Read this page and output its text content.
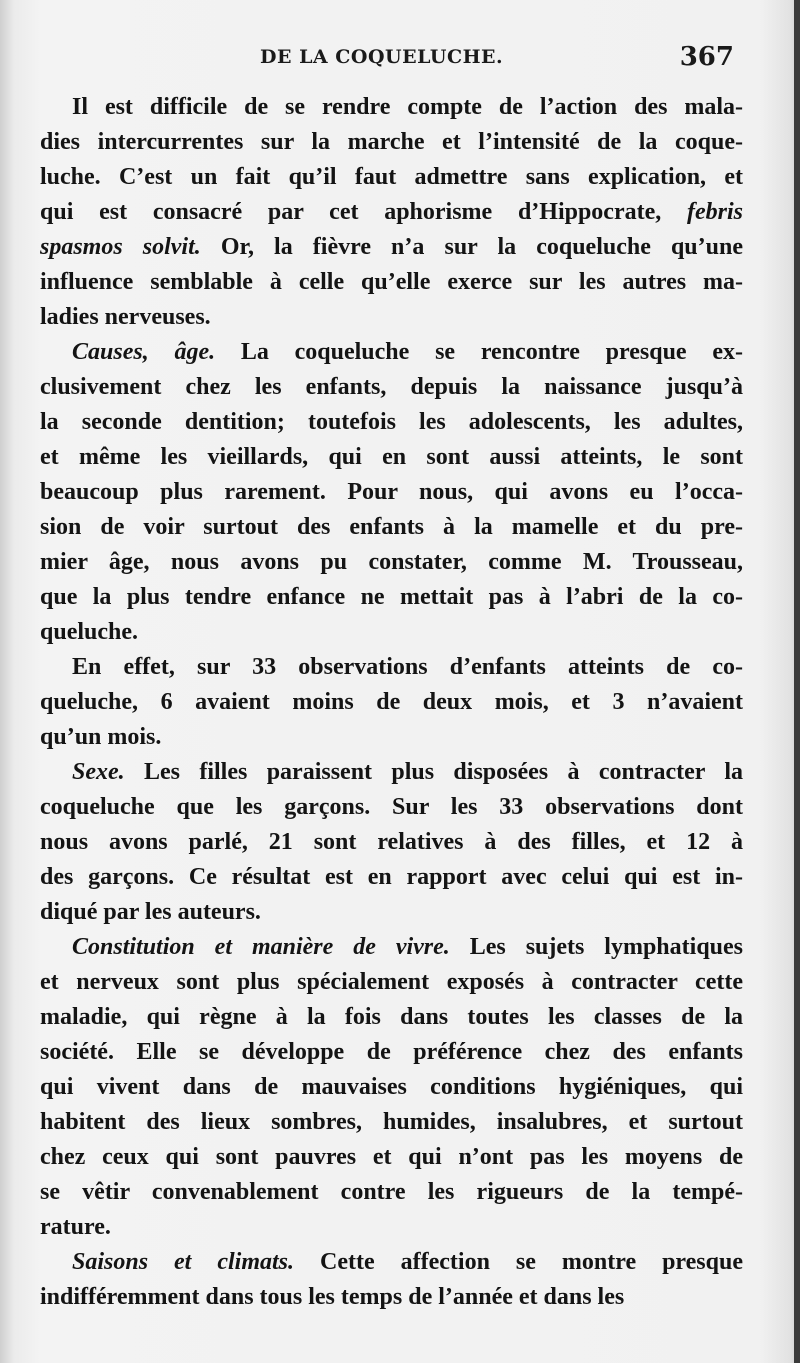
DE LA COQUELUCHE.	367
Il est difficile de se rendre compte de l’action des mala-
dies intercurrentes sur la marche et l’intensité de la coque-
luche. C’est un fait qu’il faut admettre sans explication, et
qui est consacré par cet aphorisme d’Hippocrate, febris
spasmos solvit. Or, la fièvre n’a sur la coqueluche qu’une
influence semblable à celle qu’elle exerce sur les autres ma-
ladies nerveuses.
Causes, âge. La coqueluche se rencontre presque ex-
clusivement chez les enfants, depuis la naissance jusqu’à
la seconde dentition; toutefois les adolescents, les adultes,
et même les vieillards, qui en sont aussi atteints, le sont
beaucoup plus rarement. Pour nous, qui avons eu l’occa-
sion de voir surtout des enfants à la mamelle et du pre-
mier âge, nous avons pu constater, comme M. Trousseau,
que la plus tendre enfance ne mettait pas à l’abri de la co-
queluche.
En effet, sur 33 observations d’enfants atteints de co-
queluche, 6 avaient moins de deux mois, et 3 n’avaient
qu’un mois.
Sexe. Les filles paraissent plus disposées à contracter la
coqueluche que les garçons. Sur les 33 observations dont
nous avons parlé, 21 sont relatives à des filles, et 12 à
des garçons. Ce résultat est en rapport avec celui qui est in-
diqué par les auteurs.
Constitution et manière de vivre. Les sujets lymphatiques
et nerveux sont plus spécialement exposés à contracter cette
maladie, qui règne à la fois dans toutes les classes de la
société. Elle se développe de préférence chez des enfants
qui vivent dans de mauvaises conditions hygiéniques, qui
habitent des lieux sombres, humides, insalubres, et surtout
chez ceux qui sont pauvres et qui n’ont pas les moyens de
se vêtir convenablement contre les rigueurs de la tempé-
rature.
Saisons et climats. Cette affection se montre presque
indifféremment dans tous les temps de l’année et dans les
